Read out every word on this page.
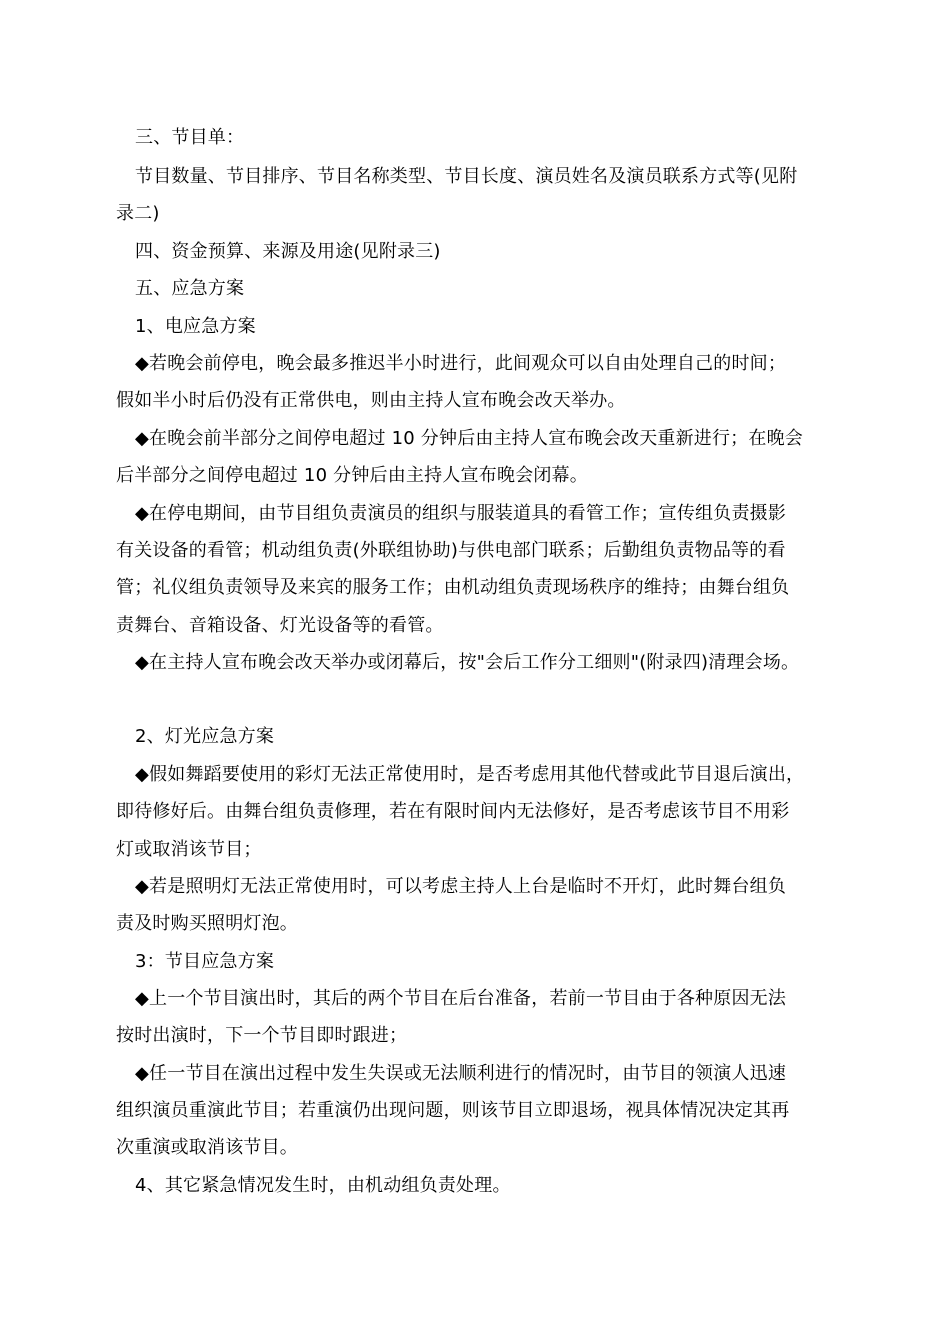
三、节目单：
节目数量、节目排序、节目名称类型、节目长度、演员姓名及演员联系方式等(见附
录二)
四、资金预算、来源及用途(见附录三)
五、应急方案
1、电应急方案
◆若晚会前停电，晚会最多推迟半小时进行，此间观众可以自由处理自己的时间；
假如半小时后仍没有正常供电，则由主持人宣布晚会改天举办。
◆在晚会前半部分之间停电超过 10 分钟后由主持人宣布晚会改天重新进行；在晚会
后半部分之间停电超过 10 分钟后由主持人宣布晚会闭幕。
◆在停电期间，由节目组负责演员的组织与服装道具的看管工作；宣传组负责摄影
有关设备的看管；机动组负责(外联组协助)与供电部门联系；后勤组负责物品等的看
管；礼仪组负责领导及来宾的服务工作；由机动组负责现场秩序的维持；由舞台组负
责舞台、音箱设备、灯光设备等的看管。
◆在主持人宣布晚会改天举办或闭幕后，按"会后工作分工细则"(附录四)清理会场。
2、灯光应急方案
◆假如舞蹈要使用的彩灯无法正常使用时，是否考虑用其他代替或此节目退后演出，
即待修好后。由舞台组负责修理，若在有限时间内无法修好，是否考虑该节目不用彩
灯或取消该节目；
◆若是照明灯无法正常使用时，可以考虑主持人上台是临时不开灯，此时舞台组负
责及时购买照明灯泡。
3：节目应急方案
◆上一个节目演出时，其后的两个节目在后台准备，若前一节目由于各种原因无法
按时出演时，下一个节目即时跟进；
◆任一节目在演出过程中发生失误或无法顺利进行的情况时，由节目的领演人迅速
组织演员重演此节目；若重演仍出现问题，则该节目立即退场，视具体情况决定其再
次重演或取消该节目。
4、其它紧急情况发生时，由机动组负责处理。
